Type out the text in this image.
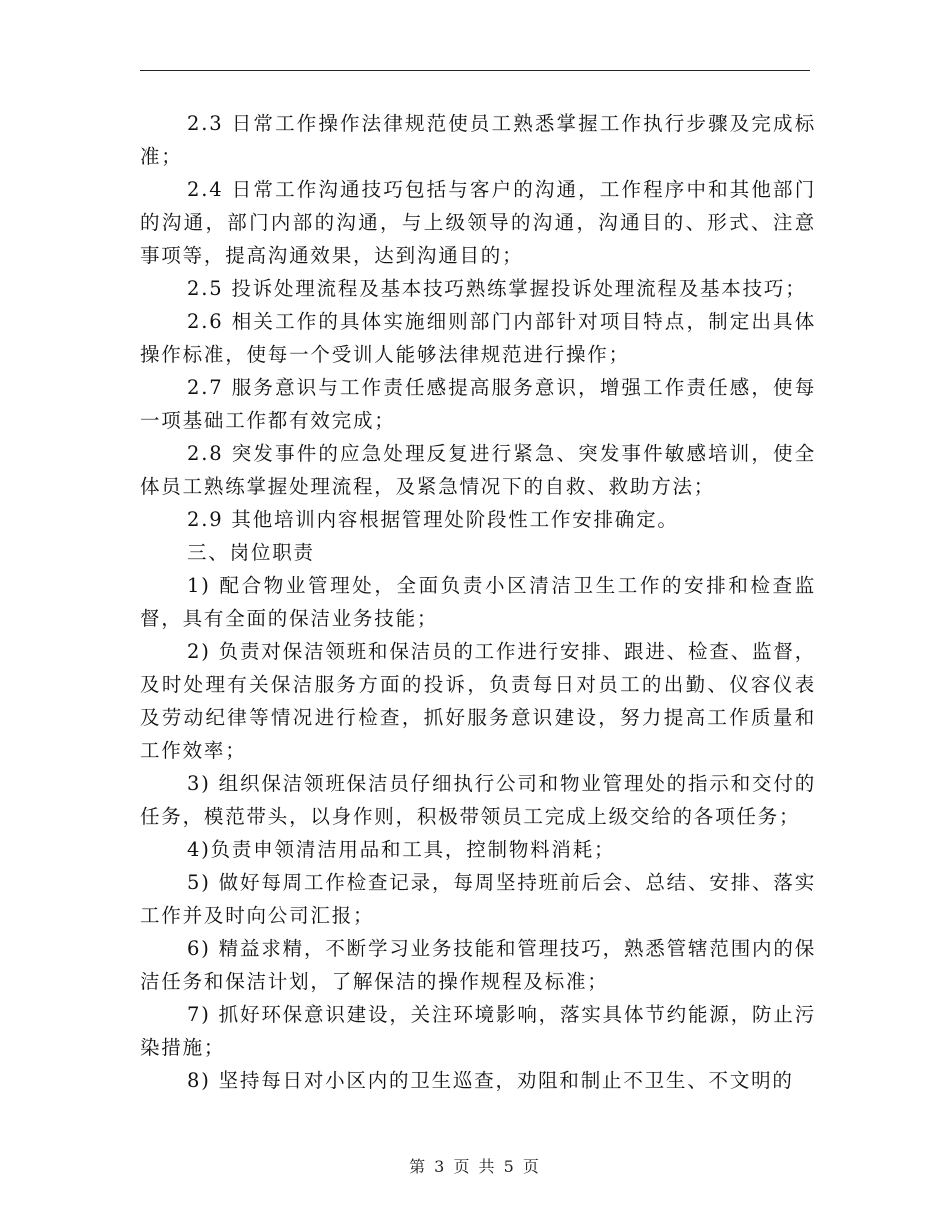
2.3 日常工作操作法律规范使员工熟悉掌握工作执行步骤及完成标准；

2.4 日常工作沟通技巧包括与客户的沟通，工作程序中和其他部门的沟通，部门内部的沟通，与上级领导的沟通，沟通目的、形式、注意事项等，提高沟通效果，达到沟通目的；

2.5 投诉处理流程及基本技巧熟练掌握投诉处理流程及基本技巧；

2.6 相关工作的具体实施细则部门内部针对项目特点，制定出具体操作标准，使每一个受训人能够法律规范进行操作；

2.7 服务意识与工作责任感提高服务意识，增强工作责任感，使每一项基础工作都有效完成；

2.8 突发事件的应急处理反复进行紧急、突发事件敏感培训，使全体员工熟练掌握处理流程，及紧急情况下的自救、救助方法；

2.9 其他培训内容根据管理处阶段性工作安排确定。

三、岗位职责

1) 配合物业管理处，全面负责小区清洁卫生工作的安排和检查监督，具有全面的保洁业务技能；

2) 负责对保洁领班和保洁员的工作进行安排、跟进、检查、监督，及时处理有关保洁服务方面的投诉，负责每日对员工的出勤、仪容仪表及劳动纪律等情况进行检查，抓好服务意识建设，努力提高工作质量和工作效率；

3) 组织保洁领班保洁员仔细执行公司和物业管理处的指示和交付的任务，模范带头，以身作则，积极带领员工完成上级交给的各项任务；

4)负责申领清洁用品和工具，控制物料消耗；

5) 做好每周工作检查记录，每周坚持班前后会、总结、安排、落实工作并及时向公司汇报；

6) 精益求精，不断学习业务技能和管理技巧，熟悉管辖范围内的保洁任务和保洁计划，了解保洁的操作规程及标准；

7) 抓好环保意识建设，关注环境影响，落实具体节约能源，防止污染措施；

8) 坚持每日对小区内的卫生巡查，劝阻和制止不卫生、不文明的

第 3 页 共 5 页
